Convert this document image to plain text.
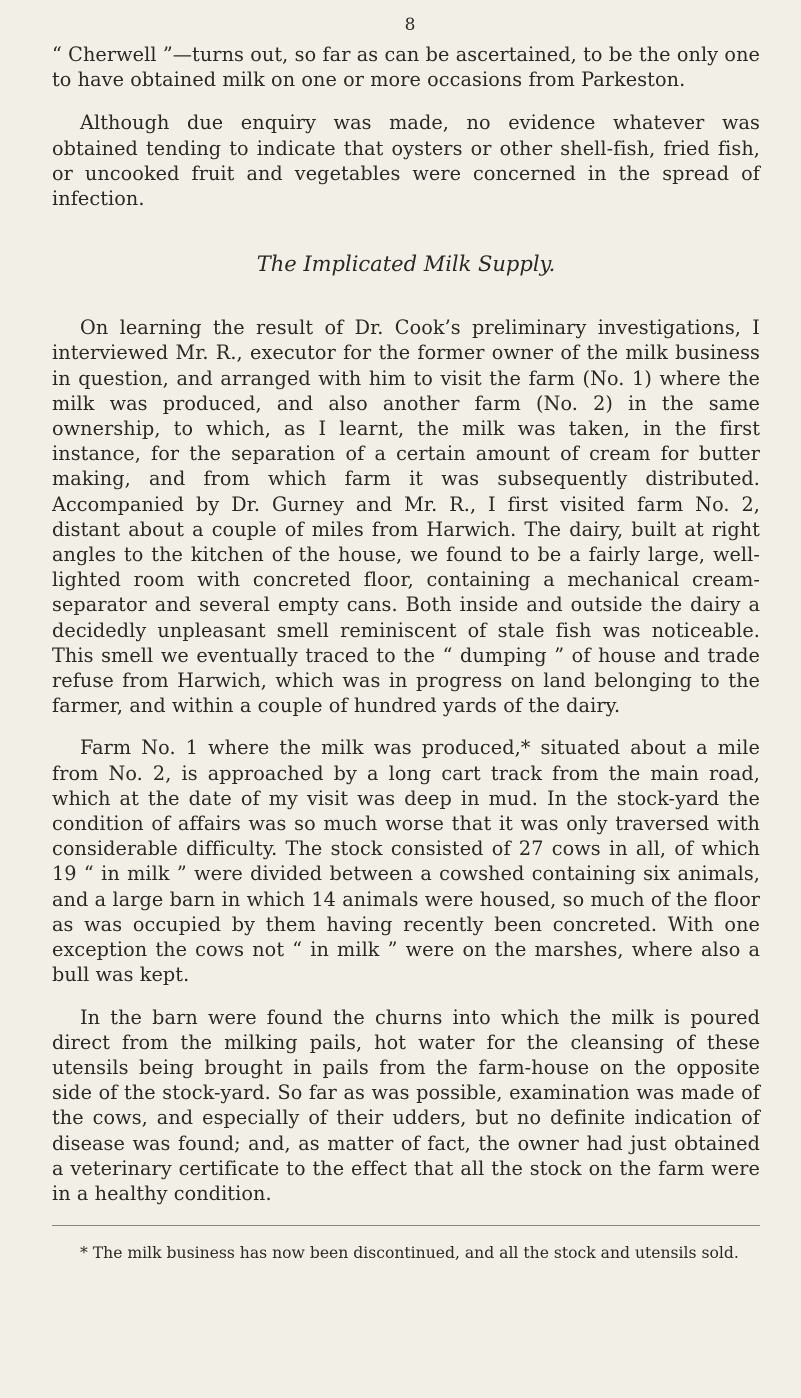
8

“ Cherwell ”—turns out, so far as can be ascertained, to be the only one to have obtained milk on one or more occasions from Parkeston.

Although due enquiry was made, no evidence whatever was obtained tending to indicate that oysters or other shell-fish, fried fish, or uncooked fruit and vegetables were concerned in the spread of infection.

The Implicated Milk Supply.

On learning the result of Dr. Cook’s preliminary investigations, I interviewed Mr. R., executor for the former owner of the milk business in question, and arranged with him to visit the farm (No. 1) where the milk was produced, and also another farm (No. 2) in the same ownership, to which, as I learnt, the milk was taken, in the first instance, for the separation of a certain amount of cream for butter making, and from which farm it was subsequently distributed. Accompanied by Dr. Gurney and Mr. R., I first visited farm No. 2, distant about a couple of miles from Harwich. The dairy, built at right angles to the kitchen of the house, we found to be a fairly large, well-lighted room with concreted floor, containing a mechanical cream-separator and several empty cans. Both inside and outside the dairy a decidedly unpleasant smell reminiscent of stale fish was noticeable. This smell we eventually traced to the “ dumping ” of house and trade refuse from Harwich, which was in progress on land belonging to the farmer, and within a couple of hundred yards of the dairy.

Farm No. 1 where the milk was produced,* situated about a mile from No. 2, is approached by a long cart track from the main road, which at the date of my visit was deep in mud. In the stock-yard the condition of affairs was so much worse that it was only traversed with considerable difficulty. The stock consisted of 27 cows in all, of which 19 “ in milk ” were divided between a cowshed containing six animals, and a large barn in which 14 animals were housed, so much of the floor as was occupied by them having recently been concreted. With one exception the cows not “ in milk ” were on the marshes, where also a bull was kept.

In the barn were found the churns into which the milk is poured direct from the milking pails, hot water for the cleansing of these utensils being brought in pails from the farm-house on the opposite side of the stock-yard. So far as was possible, examination was made of the cows, and especially of their udders, but no definite indication of disease was found; and, as matter of fact, the owner had just obtained a veterinary certificate to the effect that all the stock on the farm were in a healthy condition.

* The milk business has now been discontinued, and all the stock and utensils sold.
